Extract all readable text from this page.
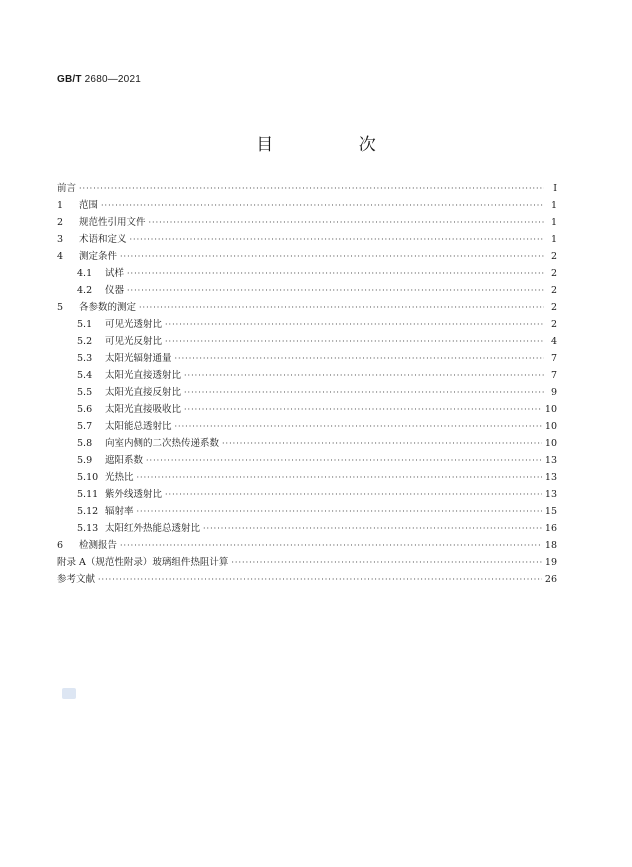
GB/T 2680—2021
目 次
前言 ·····	Ⅰ
1	范围 ·····	1
2	规范性引用文件 ·····	1
3	术语和定义 ·····	1
4	测定条件 ·····	2
4.1	试样 ·····	2
4.2	仪器 ·····	2
5	各参数的测定 ·····	2
5.1	可见光透射比 ·····	2
5.2	可见光反射比 ·····	4
5.3	太阳光辐射通量 ·····	7
5.4	太阳光直接透射比 ·····	7
5.5	太阳光直接反射比 ·····	9
5.6	太阳光直接吸收比 ·····	10
5.7	太阳能总透射比 ·····	10
5.8	向室内侧的二次热传递系数 ·····	10
5.9	遮阳系数 ·····	13
5.10 光热比 ·····	13
5.11 紫外线透射比 ·····	13
5.12 辐射率 ·····	15
5.13 太阳红外热能总透射比 ·····	16
6	检测报告 ·····	18
附录 A（规范性附录）玻璃组件热阻计算 ·····	19
参考文献 ·····	26
